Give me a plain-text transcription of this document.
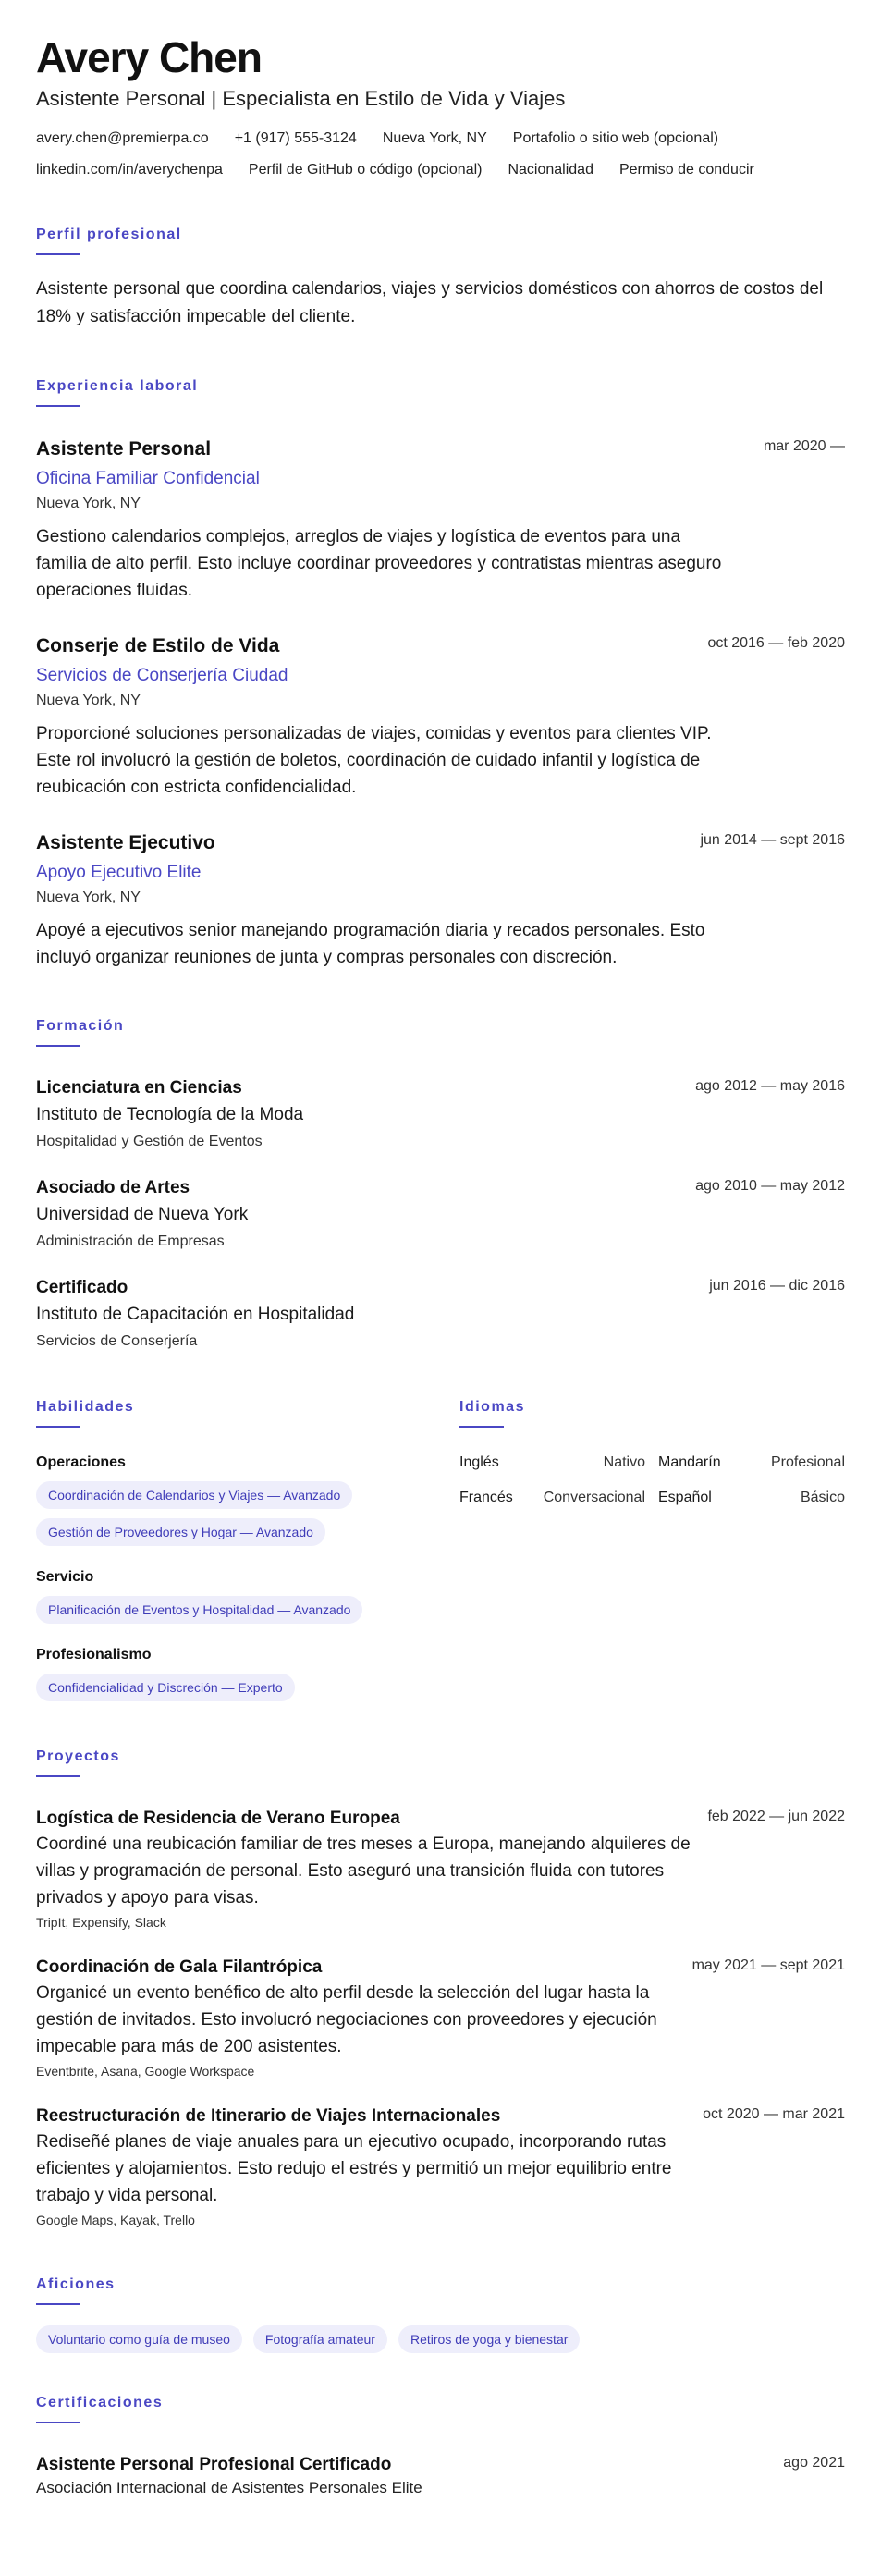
Avery Chen
Asistente Personal | Especialista en Estilo de Vida y Viajes
avery.chen@premierpa.co +1 (917) 555-3124 Nueva York, NY Portafolio o sitio web (opcional)
linkedin.com/in/averychenpa Perfil de GitHub o código (opcional) Nacionalidad Permiso de conducir
Perfil profesional

Asistente personal que coordina calendarios, viajes y servicios domésticos con ahorros de costos del 18% y satisfacción impecable del cliente.

Experiencia laboral
mar 2020 —
Asistente Personal
Oficina Familiar Confidencial
Nueva York, NY

Gestiono calendarios complejos, arreglos de viajes y logística de eventos para una familia de alto perfil. Esto incluye coordinar proveedores y contratistas mientras aseguro operaciones fluidas.

oct 2016 — feb 2020
Conserje de Estilo de Vida
Servicios de Conserjería Ciudad
Nueva York, NY

Proporcioné soluciones personalizadas de viajes, comidas y eventos para clientes VIP. Este rol involucró la gestión de boletos, coordinación de cuidado infantil y logística de reubicación con estricta confidencialidad.

jun 2014 — sept 2016
Asistente Ejecutivo
Apoyo Ejecutivo Elite
Nueva York, NY

Apoyé a ejecutivos senior manejando programación diaria y recados personales. Esto incluyó organizar reuniones de junta y compras personales con discreción.

Formación
ago 2012 — may 2016
Licenciatura en Ciencias
Instituto de Tecnología de la Moda
Hospitalidad y Gestión de Eventos
ago 2010 — may 2012
Asociado de Artes
Universidad de Nueva York
Administración de Empresas
jun 2016 — dic 2016
Certificado
Instituto de Capacitación en Hospitalidad
Servicios de Conserjería
Habilidades
Operaciones
Coordinación de Calendarios y Viajes — Avanzado
Gestión de Proveedores y Hogar — Avanzado
Servicio
Planificación de Eventos y Hospitalidad — Avanzado
Profesionalismo
Confidencialidad y Discreción — Experto
Idiomas
Inglés	Nativo Mandarín	Profesional
Francés Conversacional Español	Básico
Proyectos
feb 2022 — jun 2022
Logística de Residencia de Verano Europea

Coordiné una reubicación familiar de tres meses a Europa, manejando alquileres de villas y programación de personal. Esto aseguró una transición fluida con tutores privados y apoyo para visas.

TripIt, Expensify, Slack
may 2021 — sept 2021
Coordinación de Gala Filantrópica

Organicé un evento benéfico de alto perfil desde la selección del lugar hasta la gestión de invitados. Esto involucró negociaciones con proveedores y ejecución impecable para más de 200 asistentes.

Eventbrite, Asana, Google Workspace
oct 2020 — mar 2021
Reestructuración de Itinerario de Viajes Internacionales

Rediseñé planes de viaje anuales para un ejecutivo ocupado, incorporando rutas eficientes y alojamientos. Esto redujo el estrés y permitió un mejor equilibrio entre trabajo y vida personal.

Google Maps, Kayak, Trello
Aficiones
Voluntario como guía de museo	Fotografía amateur	Retiros de yoga y bienestar
Certificaciones
ago 2021
Asistente Personal Profesional Certificado
Asociación Internacional de Asistentes Personales Elite
